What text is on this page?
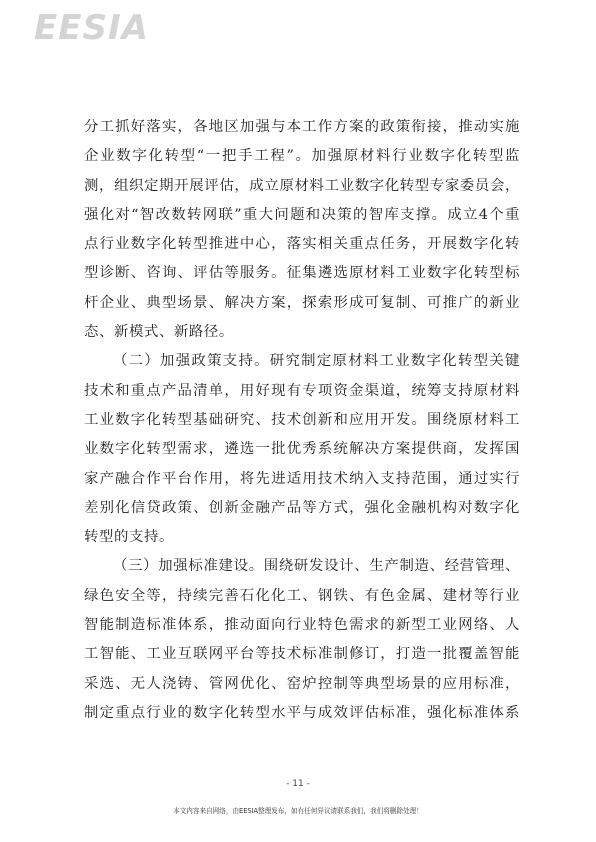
EESIA
分工抓好落实，各地区加强与本工作方案的政策衔接，推动实施
企业数字化转型“一把手工程”。加强原材料行业数字化转型监
测，组织定期开展评估，成立原材料工业数字化转型专家委员会，
强化对“智改数转网联”重大问题和决策的智库支撑。成立4个重
点行业数字化转型推进中心，落实相关重点任务，开展数字化转
型诊断、咨询、评估等服务。征集遴选原材料工业数字化转型标
杆企业、典型场景、解决方案，探索形成可复制、可推广的新业
态、新模式、新路径。
（二）加强政策支持。研究制定原材料工业数字化转型关键
技术和重点产品清单，用好现有专项资金渠道，统筹支持原材料
工业数字化转型基础研究、技术创新和应用开发。围绕原材料工
业数字化转型需求，遴选一批优秀系统解决方案提供商，发挥国
家产融合作平台作用，将先进适用技术纳入支持范围，通过实行
差别化信贷政策、创新金融产品等方式，强化金融机构对数字化
转型的支持。
（三）加强标准建设。围绕研发设计、生产制造、经营管理、
绿色安全等，持续完善石化化工、钢铁、有色金属、建材等行业
智能制造标准体系，推动面向行业特色需求的新型工业网络、人
工智能、工业互联网平台等技术标准制修订，打造一批覆盖智能
采选、无人浇铸、管网优化、窑炉控制等典型场景的应用标准，
制定重点行业的数字化转型水平与成效评估标准，强化标准体系
- 11 -
本文内容来自网络，由EESIA整理发布，如有任何异议请联系我们，我们将删除处理！
